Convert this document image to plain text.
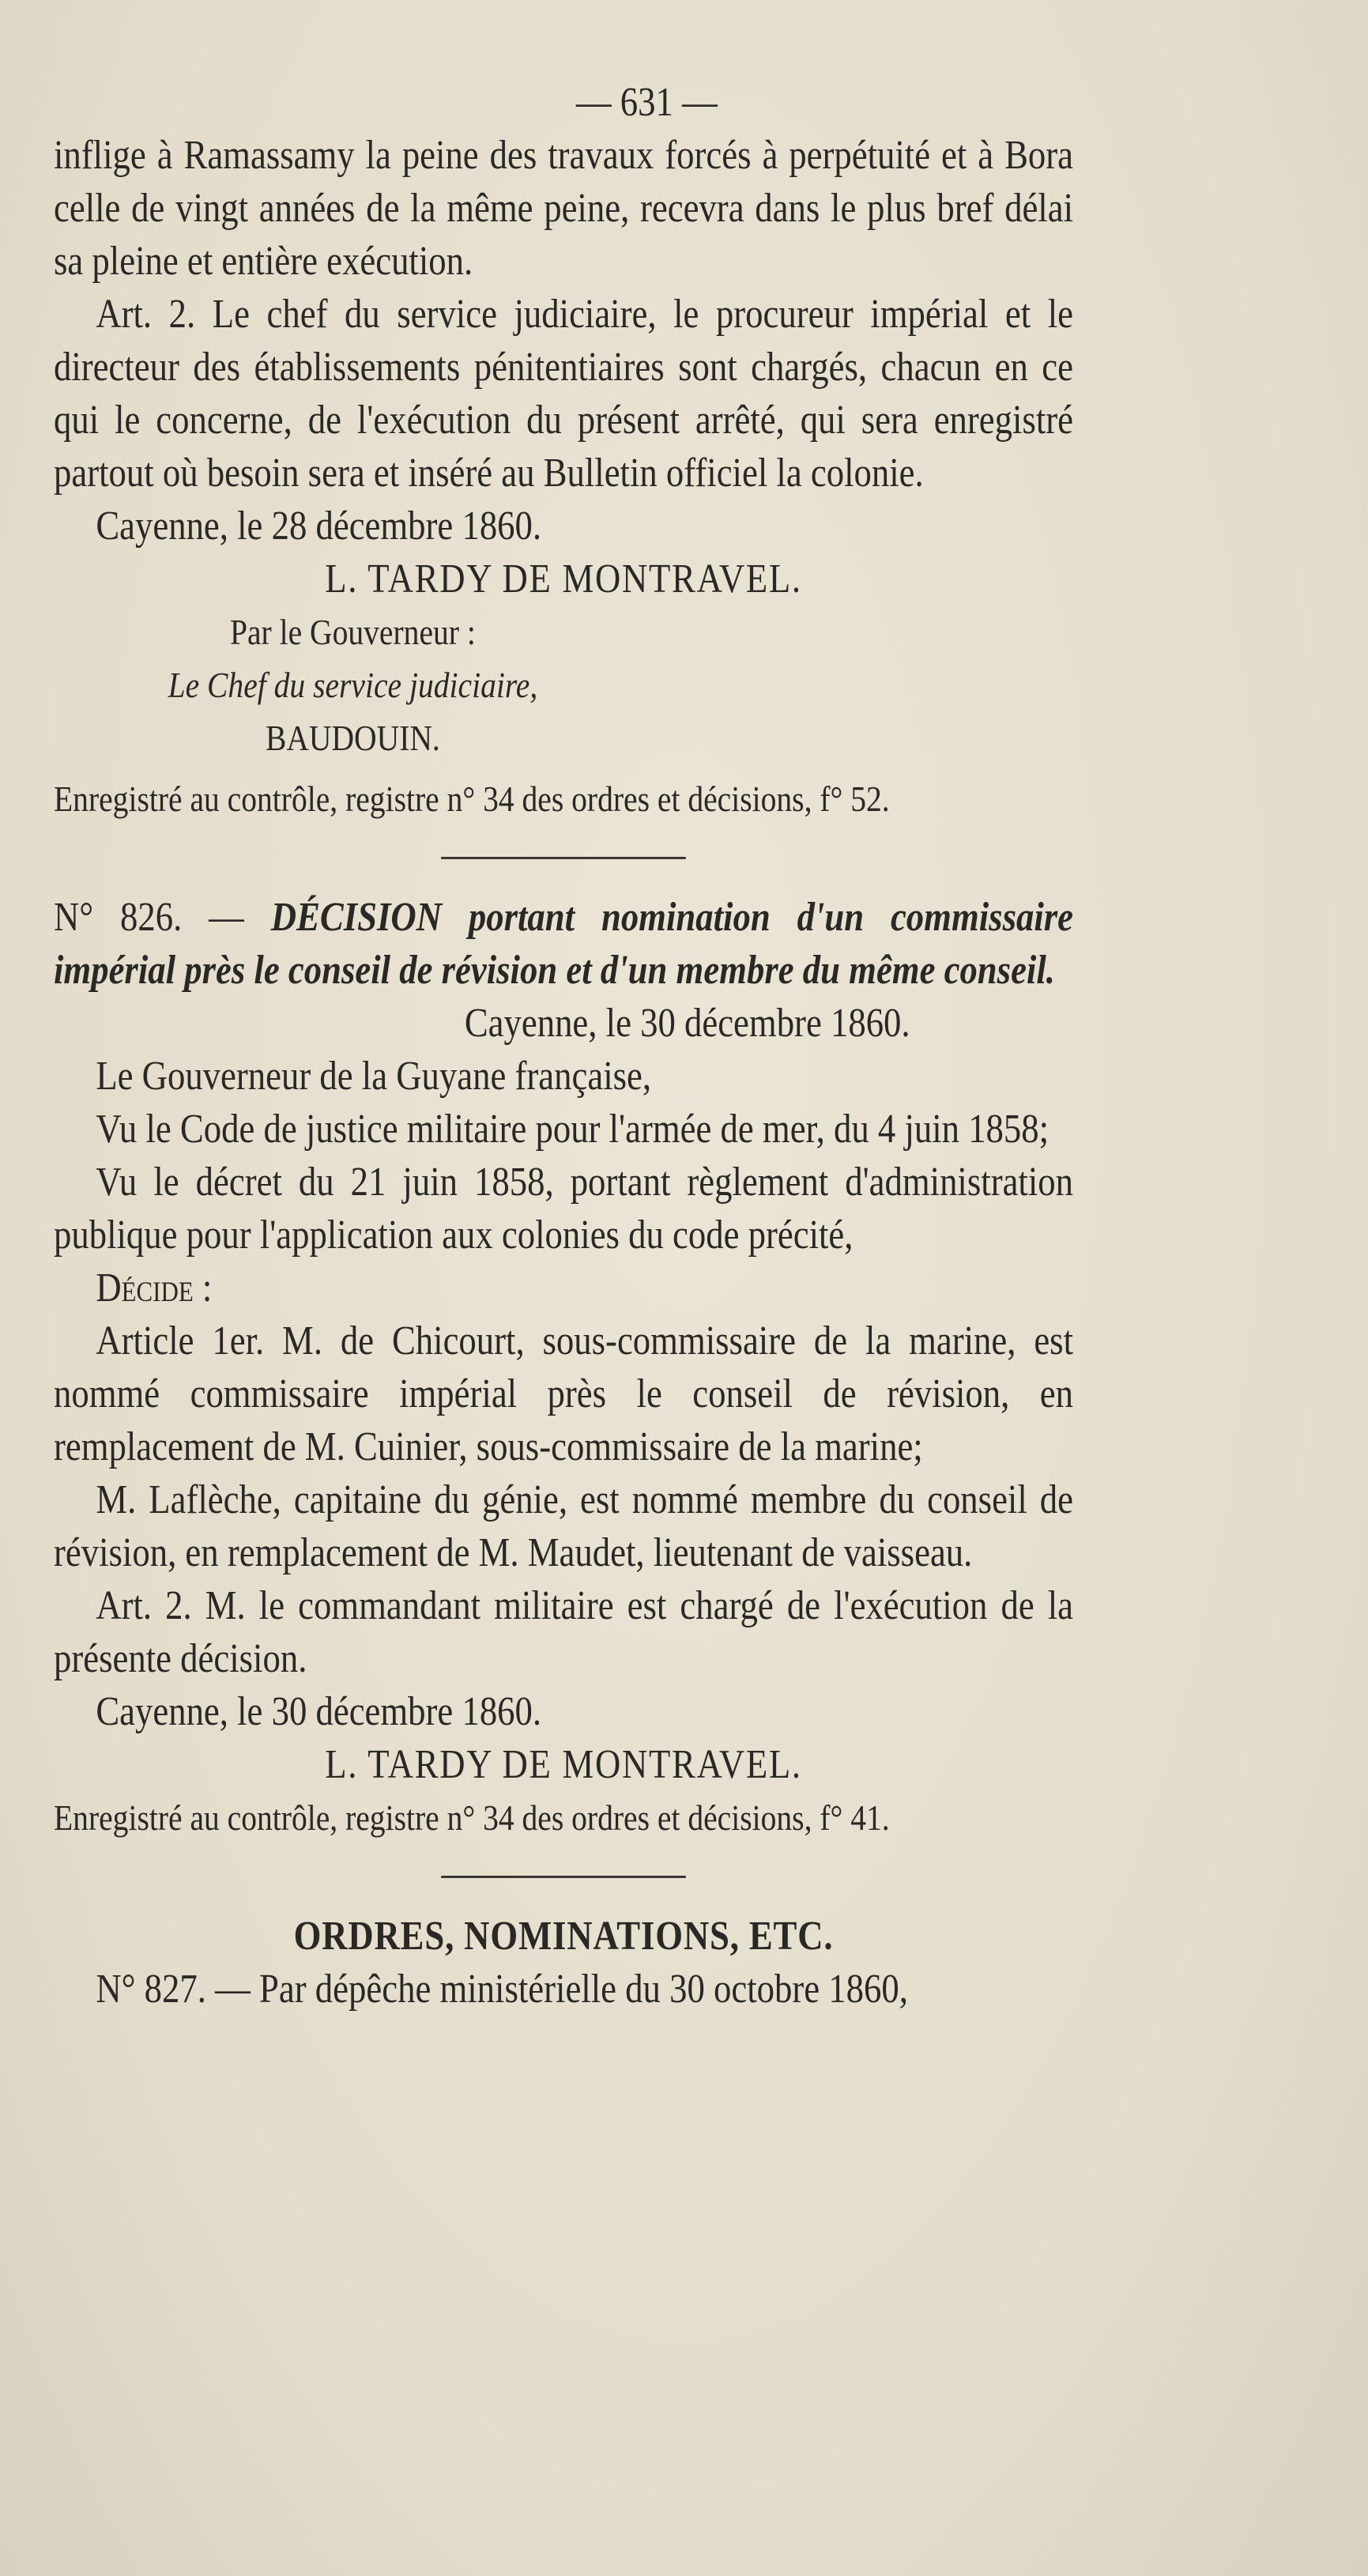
— 631 —

inflige à Ramassamy la peine des travaux forcés à perpétuité et à Bora celle de vingt années de la même peine, recevra dans le plus bref délai sa pleine et entière exécution.

Art. 2. Le chef du service judiciaire, le procureur impérial et le directeur des établissements pénitentiaires sont chargés, chacun en ce qui le concerne, de l'exécution du présent arrêté, qui sera enregistré partout où besoin sera et inséré au Bulletin officiel la colonie.

Cayenne, le 28 décembre 1860.

L. TARDY DE MONTRAVEL.

Par le Gouverneur :

Le Chef du service judiciaire,

BAUDOUIN.

Enregistré au contrôle, registre n° 34 des ordres et décisions, f° 52.

N° 826. — DÉCISION portant nomination d'un commissaire impérial près le conseil de révision et d'un membre du même conseil.

Cayenne, le 30 décembre 1860.

Le Gouverneur de la Guyane française,

Vu le Code de justice militaire pour l'armée de mer, du 4 juin 1858;

Vu le décret du 21 juin 1858, portant règlement d'administration publique pour l'application aux colonies du code précité,

Décide :

Article 1er. M. de Chicourt, sous-commissaire de la marine, est nommé commissaire impérial près le conseil de révision, en remplacement de M. Cuinier, sous-commissaire de la marine;

M. Laflèche, capitaine du génie, est nommé membre du conseil de révision, en remplacement de M. Maudet, lieutenant de vaisseau.

Art. 2. M. le commandant militaire est chargé de l'exécution de la présente décision.

Cayenne, le 30 décembre 1860.

L. TARDY DE MONTRAVEL.

Enregistré au contrôle, registre n° 34 des ordres et décisions, f° 41.

ORDRES, NOMINATIONS, ETC.

N° 827. — Par dépêche ministérielle du 30 octobre 1860,
